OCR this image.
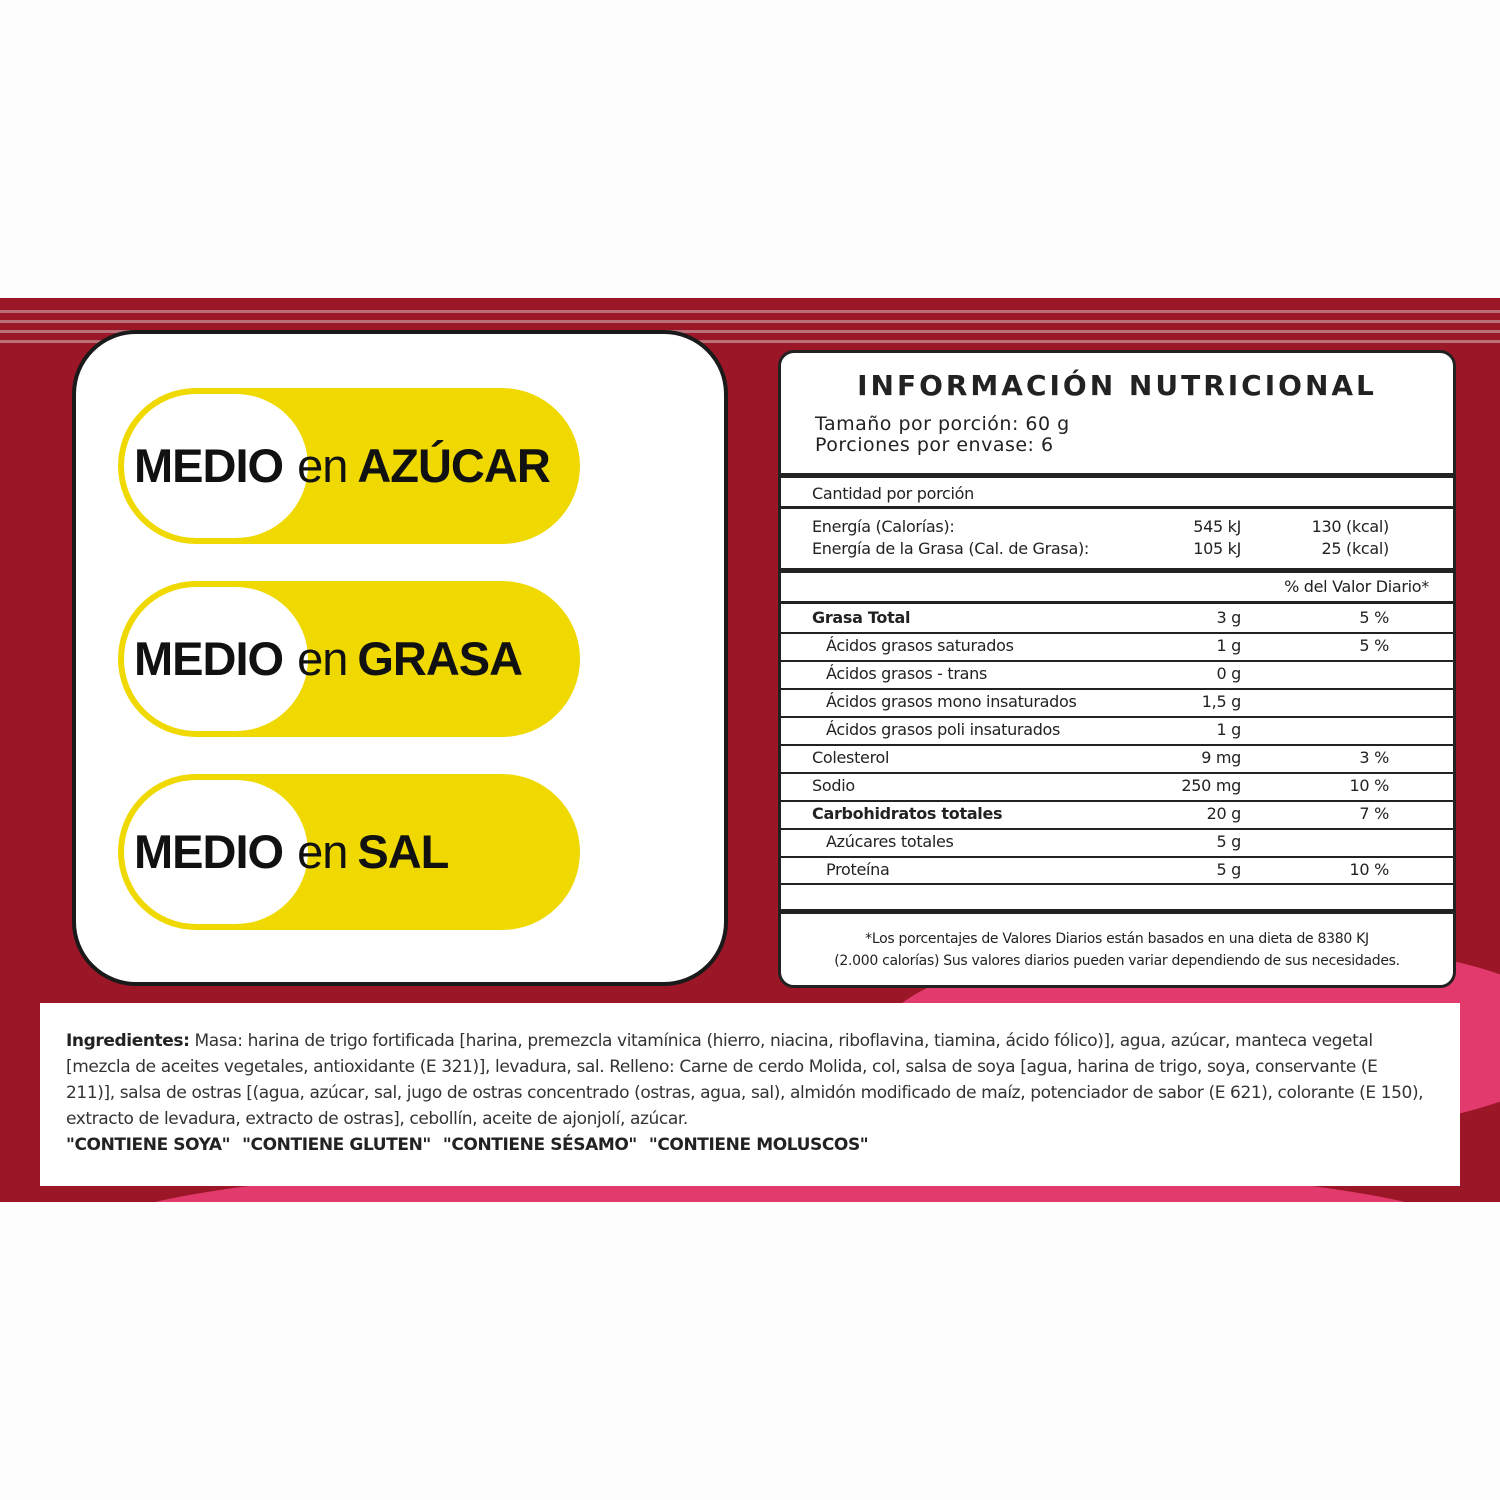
MEDIO en AZÚCAR
MEDIO en GRASA
MEDIO en SAL
INFORMACIÓN NUTRICIONAL
Tamaño por porción: 60 g
Porciones por envase: 6
Cantidad por porción
Energía (Calorías):	545 kJ	130 (kcal)
Energía de la Grasa (Cal. de Grasa):	105 kJ	25 (kcal)
% del Valor Diario*
Grasa Total	3 g	5 %
Ácidos grasos saturados	1 g	5 %
Ácidos grasos - trans	0 g
Ácidos grasos mono insaturados	1,5 g
Ácidos grasos poli insaturados	1 g
Colesterol	9 mg	3 %
Sodio	250 mg	10 %
Carbohidratos totales	20 g	7 %
Azúcares totales	5 g
Proteína	5 g	10 %
*Los porcentajes de Valores Diarios están basados en una dieta de 8380 KJ
(2.000 calorías) Sus valores diarios pueden variar dependiendo de sus necesidades.
Ingredientes: Masa: harina de trigo fortificada [harina, premezcla vitamínica (hierro, niacina, riboflavina, tiamina, ácido fólico)], agua, azúcar, manteca vegetal [mezcla de aceites vegetales, antioxidante (E 321)], levadura, sal. Relleno: Carne de cerdo Molida, col, salsa de soya [agua, harina de trigo, soya, conservante (E 211)], salsa de ostras [(agua, azúcar, sal, jugo de ostras concentrado (ostras, agua, sal), almidón modificado de maíz, potenciador de sabor (E 621), colorante (E 150), extracto de levadura, extracto de ostras], cebollín, aceite de ajonjolí, azúcar.
"CONTIENE SOYA" "CONTIENE GLUTEN" "CONTIENE SÉSAMO" "CONTIENE MOLUSCOS"
